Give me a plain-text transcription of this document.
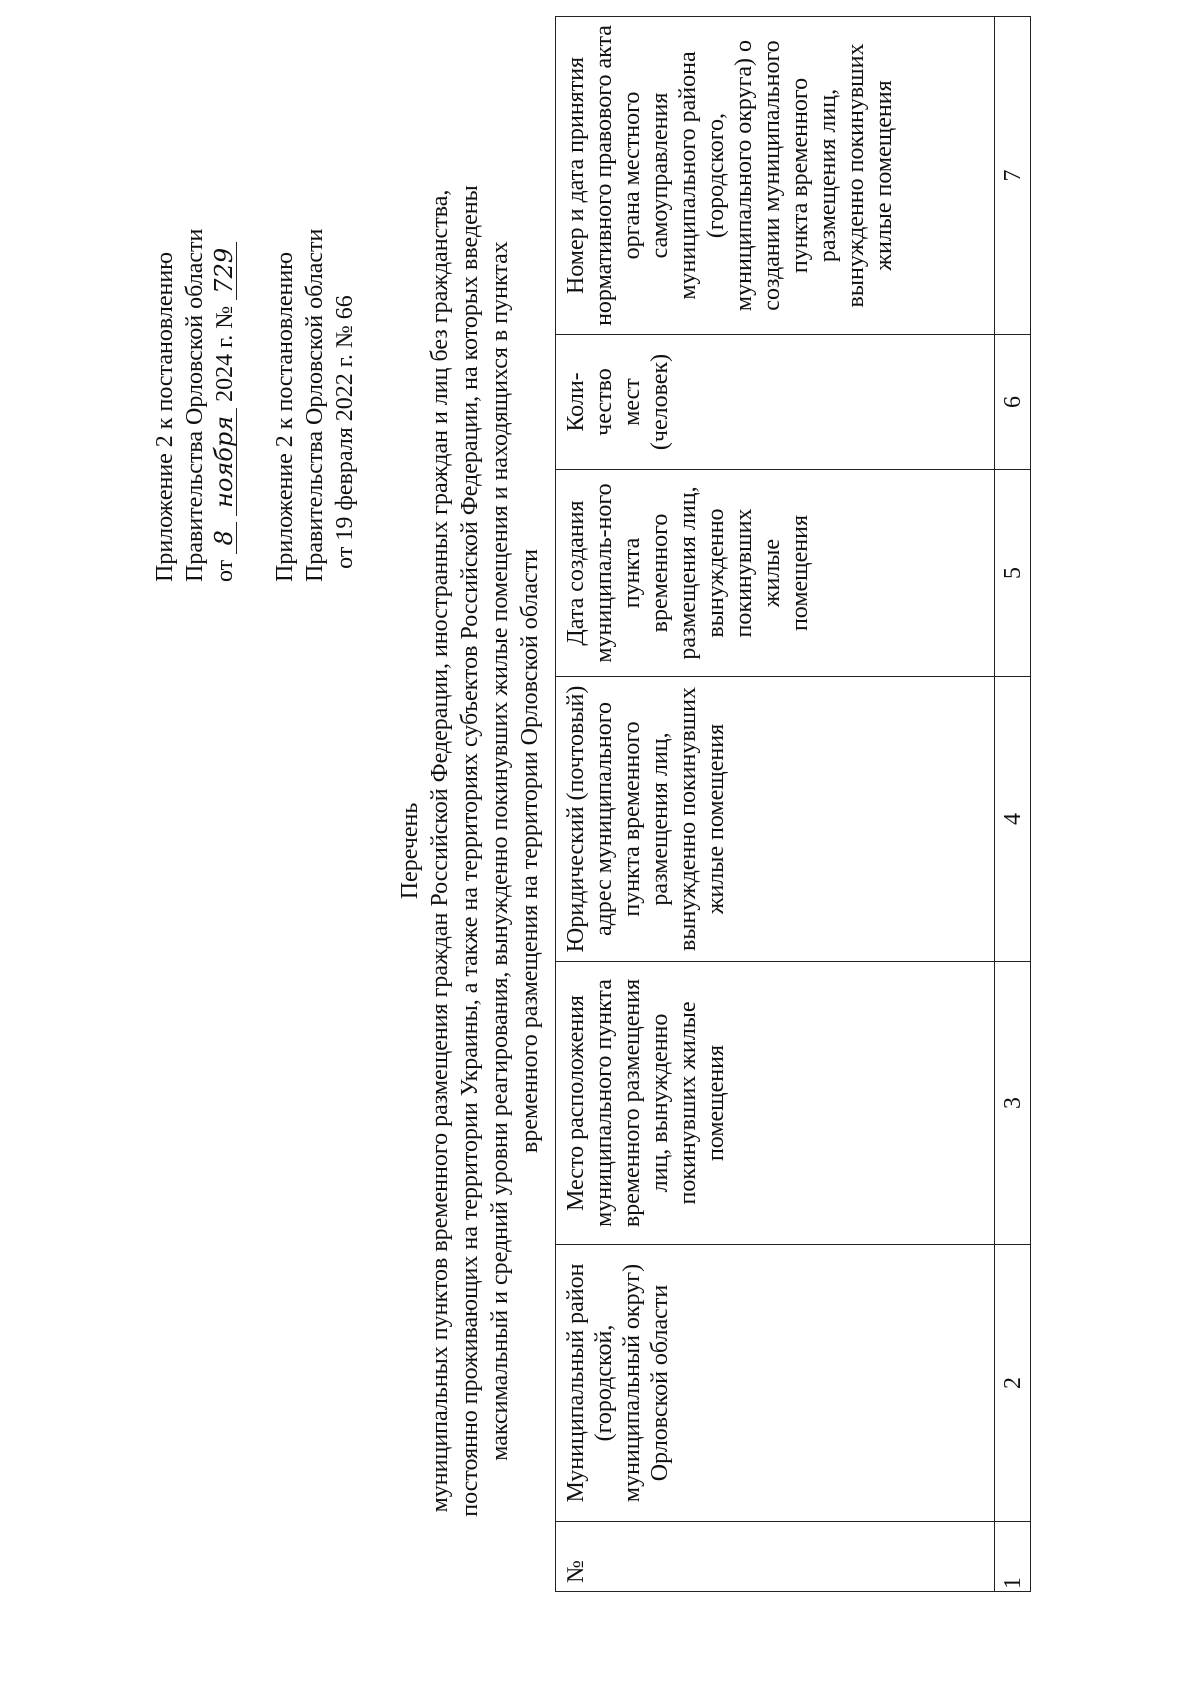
Приложение 2 к постановлению Правительства Орловской области от 8 ноября 2024 г. № 729 Приложение 2 к постановлению Правительства Орловской области от 19 февраля 2022 г. № 66
Перечень муниципальных пунктов временного размещения граждан Российской Федерации, иностранных граждан и лиц без гражданства, постоянно проживающих на территории Украины, а также на территориях субъектов Российской Федерации, на которых введены максимальный и средний уровни реагирования, вынужденно покинувших жилые помещения и находящихся в пунктах временного размещения на территории Орловской области
№	Муниципальный район (городской, муниципальный округ) Орловской области	Место расположения муниципального пункта временного размещения лиц, вынужденно покинувших жилые помещения	Юридический (почтовый) адрес муниципального пункта временного размещения лиц, вынужденно покинувших жилые помещения	Дата создания муниципаль-ного пункта временного размещения лиц, вынужденно покинувших жилые помещения	Коли-чество мест (человек)	Номер и дата принятия нормативного правового акта органа местного самоуправления муниципального района (городского, муниципального округа) о создании муниципального пункта временного размещения лиц, вынужденно покинувших жилые помещения
1	2	3	4	5	6	7
